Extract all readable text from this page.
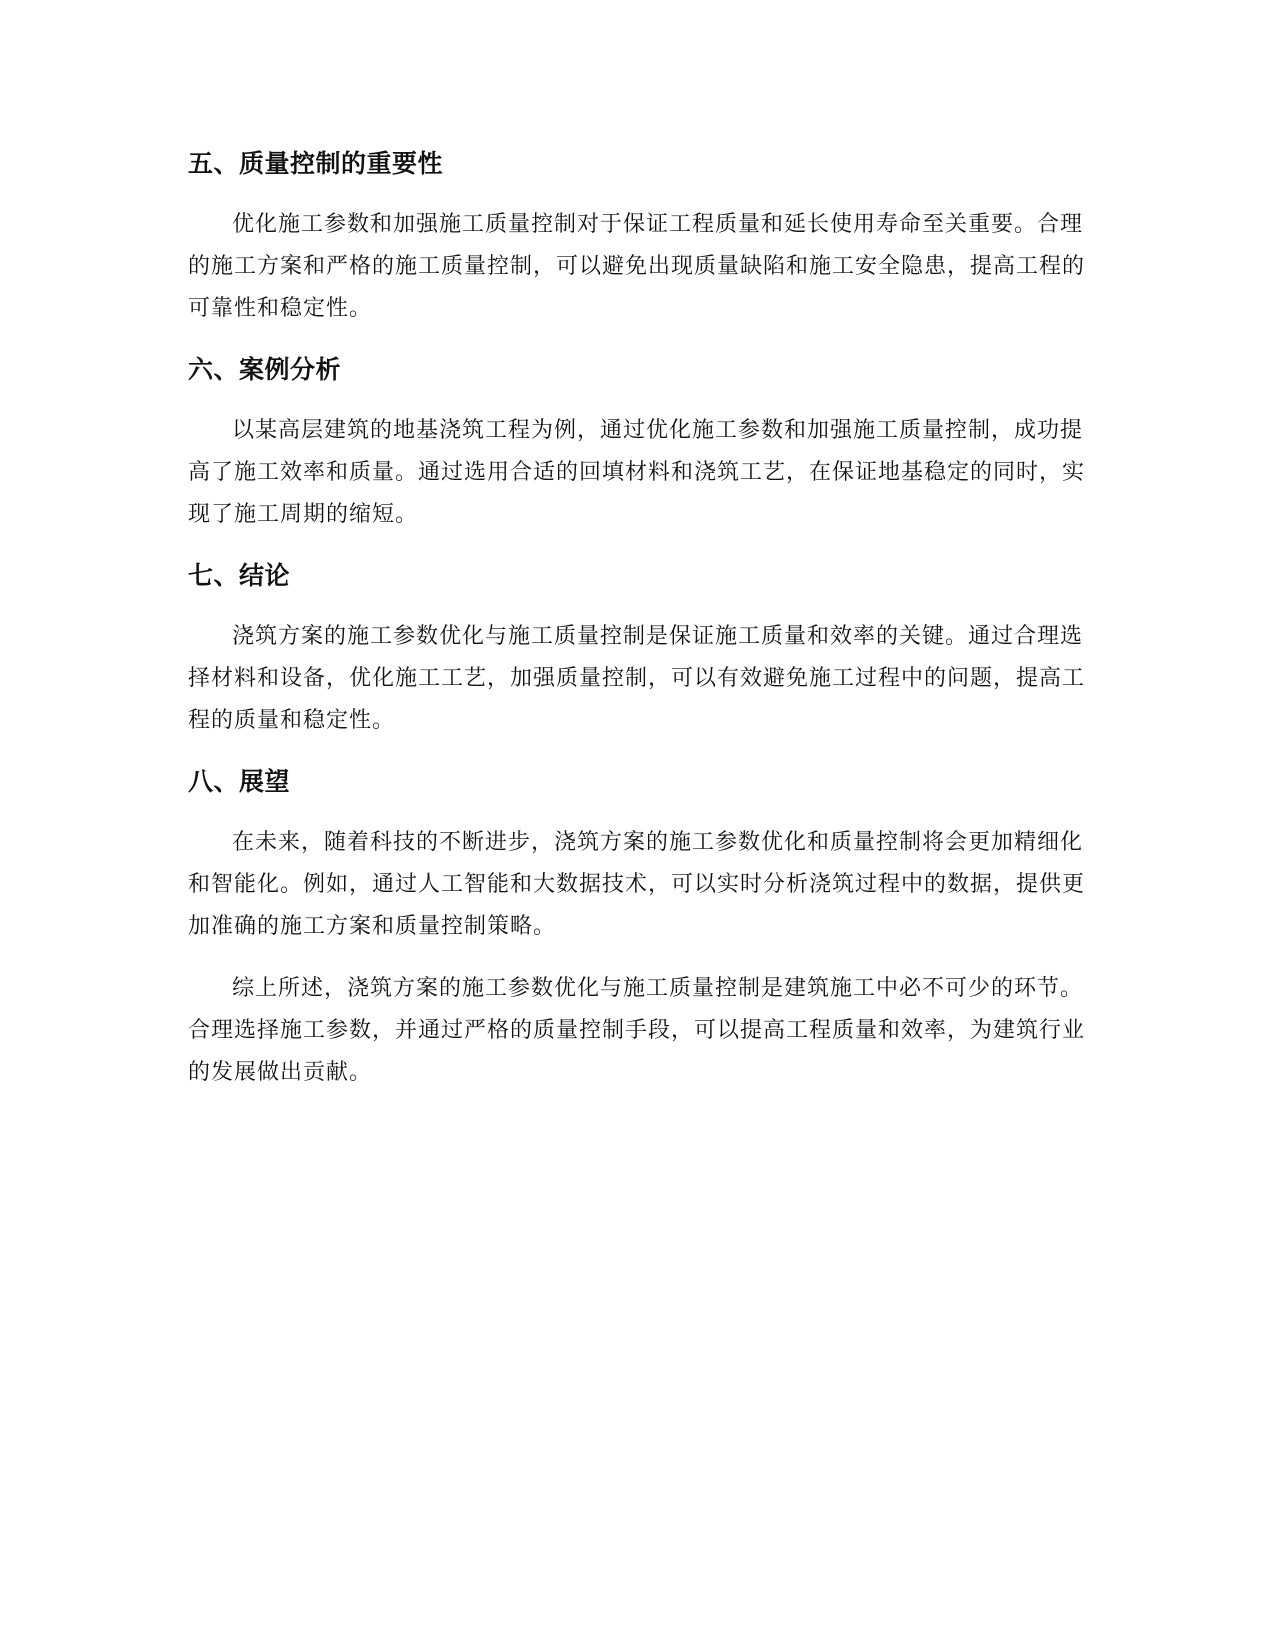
五、质量控制的重要性

优化施工参数和加强施工质量控制对于保证工程质量和延长使用寿命至关重要。合理的施工方案和严格的施工质量控制，可以避免出现质量缺陷和施工安全隐患，提高工程的可靠性和稳定性。

六、案例分析

以某高层建筑的地基浇筑工程为例，通过优化施工参数和加强施工质量控制，成功提高了施工效率和质量。通过选用合适的回填材料和浇筑工艺，在保证地基稳定的同时，实现了施工周期的缩短。

七、结论

浇筑方案的施工参数优化与施工质量控制是保证施工质量和效率的关键。通过合理选择材料和设备，优化施工工艺，加强质量控制，可以有效避免施工过程中的问题，提高工程的质量和稳定性。

八、展望

在未来，随着科技的不断进步，浇筑方案的施工参数优化和质量控制将会更加精细化和智能化。例如，通过人工智能和大数据技术，可以实时分析浇筑过程中的数据，提供更加准确的施工方案和质量控制策略。

综上所述，浇筑方案的施工参数优化与施工质量控制是建筑施工中必不可少的环节。合理选择施工参数，并通过严格的质量控制手段，可以提高工程质量和效率，为建筑行业的发展做出贡献。
